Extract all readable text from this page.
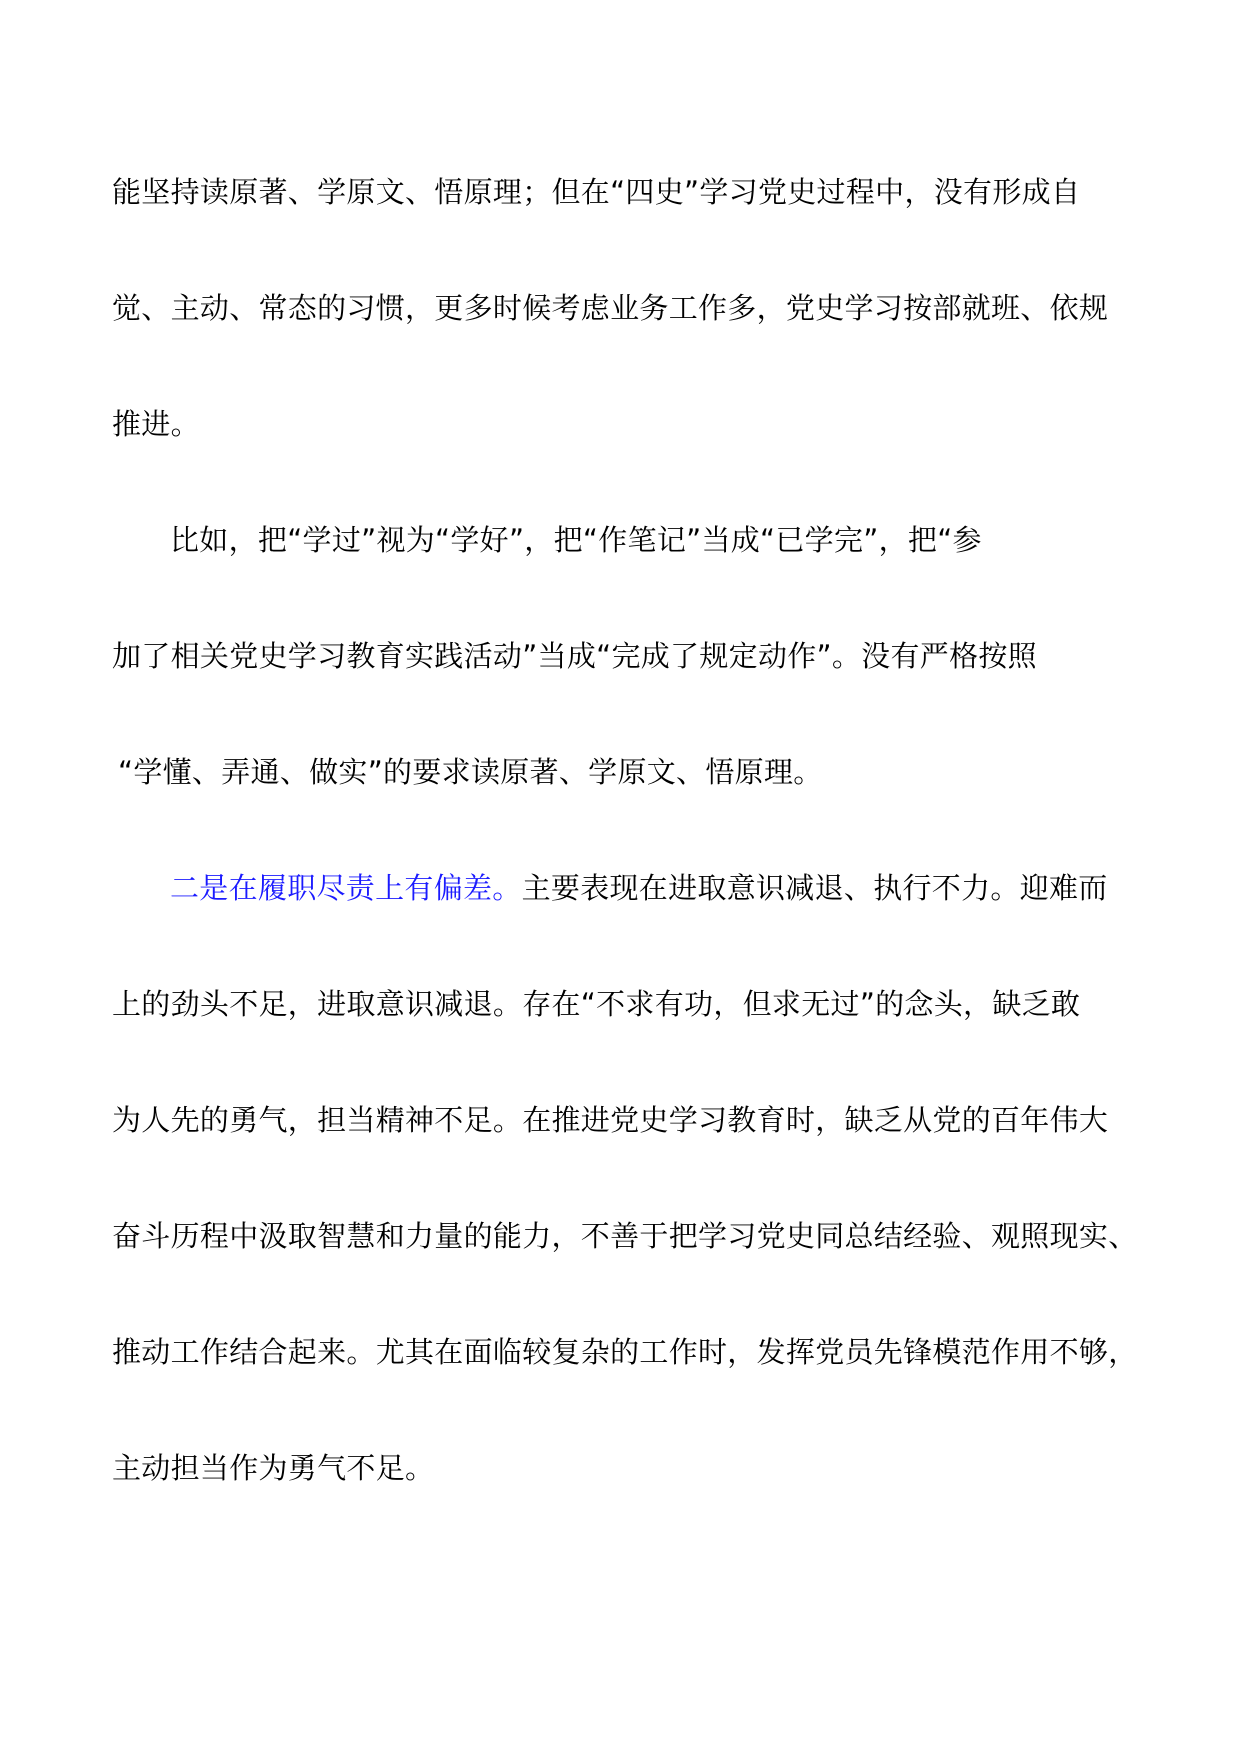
能坚持读原著、学原文、悟原理；但在“四史”学习党史过程中，没有形成自
觉、主动、常态的习惯，更多时候考虑业务工作多，党史学习按部就班、依规
推进。
比如，把“学过”视为“学好”，把“作笔记”当成“已学完”，把“参
加了相关党史学习教育实践活动”当成“完成了规定动作”。没有严格按照
“学懂、弄通、做实”的要求读原著、学原文、悟原理。
二是在履职尽责上有偏差。主要表现在进取意识减退、执行不力。迎难而
上的劲头不足，进取意识减退。存在“不求有功，但求无过”的念头，缺乏敢
为人先的勇气，担当精神不足。在推进党史学习教育时，缺乏从党的百年伟大
奋斗历程中汲取智慧和力量的能力，不善于把学习党史同总结经验、观照现实、
推动工作结合起来。尤其在面临较复杂的工作时，发挥党员先锋模范作用不够，
主动担当作为勇气不足。
